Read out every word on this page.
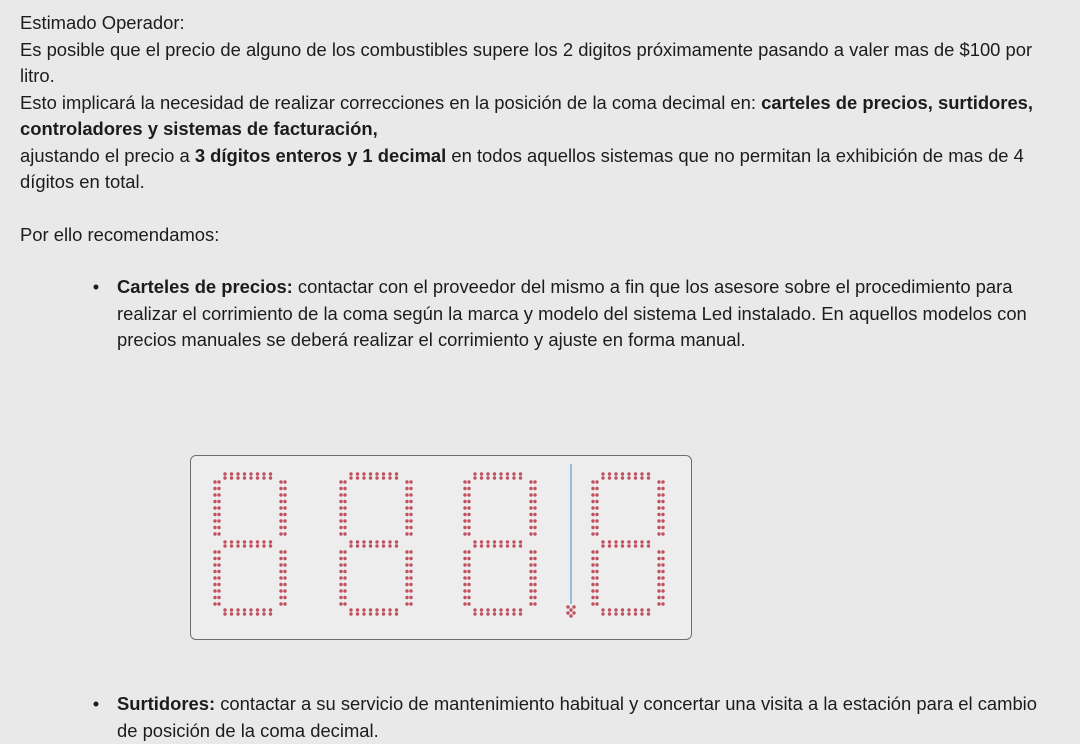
Estimado Operador:

Es posible que el precio de alguno de los combustibles supere los 2 digitos próximamente pasando a valer mas de $100 por litro.

Esto implicará la necesidad de realizar correcciones en la posición de la coma decimal en: carteles de precios, surtidores, controladores y sistemas de facturación,

ajustando el precio a 3 dígitos enteros y 1 decimal en todos aquellos sistemas que no permitan la exhibición de mas de 4 dígitos en total.

Por ello recomendamos:

• Carteles de precios: contactar con el proveedor del mismo a fin que los asesore sobre el procedimiento para realizar el corrimiento de la coma según la marca y modelo del sistema Led instalado. En aquellos modelos con precios manuales se deberá realizar el corrimiento y ajuste en forma manual.
• Surtidores: contactar a su servicio de mantenimiento habitual y concertar una visita a la estación para el cambio de posición de la coma decimal.
